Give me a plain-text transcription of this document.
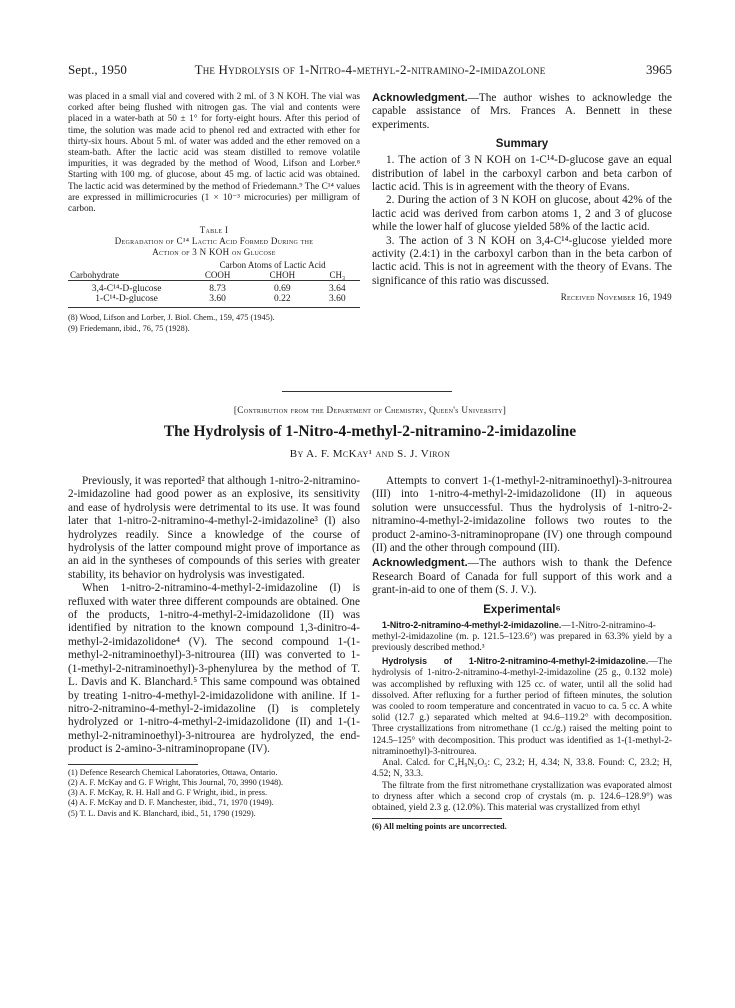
Sept., 1950	The Hydrolysis of 1-Nitro-4-methyl-2-nitramino-2-imidazolone	3965

was placed in a small vial and covered with 2 ml. of 3 N KOH. The vial was corked after being flushed with nitrogen gas. The vial and contents were placed in a water-bath at 50 ± 1° for forty-eight hours. After this period of time, the solution was made acid to phenol red and extracted with ether for thirty-six hours. About 5 ml. of water was added and the ether removed on a steam-bath. After the lactic acid was steam distilled to remove volatile impurities, it was degraded by the method of Wood, Lifson and Lorber.⁸ Starting with 100 mg. of glucose, about 45 mg. of lactic acid was obtained. The lactic acid was determined by the method of Friedemann.⁹ The C¹⁴ values are expressed in millimicrocuries (1 × 10⁻³ microcuries) per milligram of carbon.

Table I
Degradation of C¹⁴ Lactic Acid Formed During the
Action of 3 N KOH on Glucose
	Carbon Atoms of Lactic Acid		
Carbohydrate	COOH	CHOH	CH₃
3,4-C¹⁴-D-glucose	8.73	0.69	3.64
1-C¹⁴-D-glucose	3.60	0.22	3.60
(8) Wood, Lifson and Lorber, J. Biol. Chem., 159, 475 (1945).
(9) Friedemann, ibid., 76, 75 (1928).

Acknowledgment.—The author wishes to acknowledge the capable assistance of Mrs. Frances A. Bennett in these experiments.

Summary

1. The action of 3 N KOH on 1-C¹⁴-D-glucose gave an equal distribution of label in the carboxyl carbon and beta carbon of lactic acid. This is in agreement with the theory of Evans.

2. During the action of 3 N KOH on glucose, about 42% of the lactic acid was derived from carbon atoms 1, 2 and 3 of glucose while the lower half of glucose yielded 58% of the lactic acid.

3. The action of 3 N KOH on 3,4-C¹⁴-glucose yielded more activity (2.4:1) in the carboxyl carbon than in the beta carbon of lactic acid. This is not in agreement with the theory of Evans. The significance of this ratio was discussed.

Received November 16, 1949
[Contribution from the Department of Chemistry, Queen's University]
The Hydrolysis of 1-Nitro-4-methyl-2-nitramino-2-imidazoline
By A. F. McKay¹ and S. J. Viron

Previously, it was reported² that although 1-nitro-2-nitramino-2-imidazoline had good power as an explosive, its sensitivity and ease of hydrolysis were detrimental to its use. It was found later that 1-nitro-2-nitramino-4-methyl-2-imidazoline³ (I) also hydrolyzes readily. Since a knowledge of the course of hydrolysis of the latter compound might prove of importance as an aid in the syntheses of compounds of this series with greater stability, its behavior on hydrolysis was investigated.

When 1-nitro-2-nitramino-4-methyl-2-imidazoline (I) is refluxed with water three different compounds are obtained. One of the products, 1-nitro-4-methyl-2-imidazolidone (II) was identified by nitration to the known compound 1,3-dinitro-4-methyl-2-imidazolidone⁴ (V). The second compound 1-(1-methyl-2-nitraminoethyl)-3-nitrourea (III) was converted to 1-(1-methyl-2-nitraminoethyl)-3-phenylurea by the method of T. L. Davis and K. Blanchard.⁵ This same compound was obtained by treating 1-nitro-4-methyl-2-imidazolidone with aniline. If 1-nitro-2-nitramino-4-methyl-2-imidazoline (I) is completely hydrolyzed or 1-nitro-4-methyl-2-imidazolidone (II) and 1-(1-methyl-2-nitraminoethyl)-3-nitrourea are hydrolyzed, the end-product is 2-amino-3-nitraminopropane (IV).

(1) Defence Research Chemical Laboratories, Ottawa, Ontario.
(2) A. F. McKay and G. F Wright, This Journal, 70, 3990 (1948).
(3) A. F. McKay, R. H. Hall and G. F Wright, ibid., in press.
(4) A. F. McKay and D. F. Manchester, ibid., 71, 1970 (1949).
(5) T. L. Davis and K. Blanchard, ibid., 51, 1790 (1929).

Attempts to convert 1-(1-methyl-2-nitraminoethyl)-3-nitrourea (III) into 1-nitro-4-methyl-2-imidazolidone (II) in aqueous solution were unsuccessful. Thus the hydrolysis of 1-nitro-2-nitramino-4-methyl-2-imidazoline follows two routes to the product 2-amino-3-nitraminopropane (IV) one through compound (II) and the other through compound (III).

Acknowledgment.—The authors wish to thank the Defence Research Board of Canada for full support of this work and a grant-in-aid to one of them (S. J. V.).

Experimental⁶

1-Nitro-2-nitramino-4-methyl-2-imidazoline.—1-Nitro-2-nitramino-4-methyl-2-imidazoline (m. p. 121.5–123.6°) was prepared in 63.3% yield by a previously described method.³

Hydrolysis of 1-Nitro-2-nitramino-4-methyl-2-imidazoline.—The hydrolysis of 1-nitro-2-nitramino-4-methyl-2-imidazoline (25 g., 0.132 mole) was accomplished by refluxing with 125 cc. of water, until all the solid had dissolved. After refluxing for a further period of fifteen minutes, the solution was cooled to room temperature and concentrated in vacuo to ca. 5 cc. A white solid (12.7 g.) separated which melted at 94.6–119.2° with decomposition. Three crystallizations from nitromethane (1 cc./g.) raised the melting point to 124.5–125° with decomposition. This product was identified as 1-(1-methyl-2-nitraminoethyl)-3-nitrourea.

Anal. Calcd. for C₄H₉N₅O₅: C, 23.2; H, 4.34; N, 33.8. Found: C, 23.2; H, 4.52; N, 33.3.

The filtrate from the first nitromethane crystallization was evaporated almost to dryness after which a second crop of crystals (m. p. 124.6–128.9°) was obtained, yield 2.3 g. (12.0%). This material was crystallized from ethyl

(6) All melting points are uncorrected.
